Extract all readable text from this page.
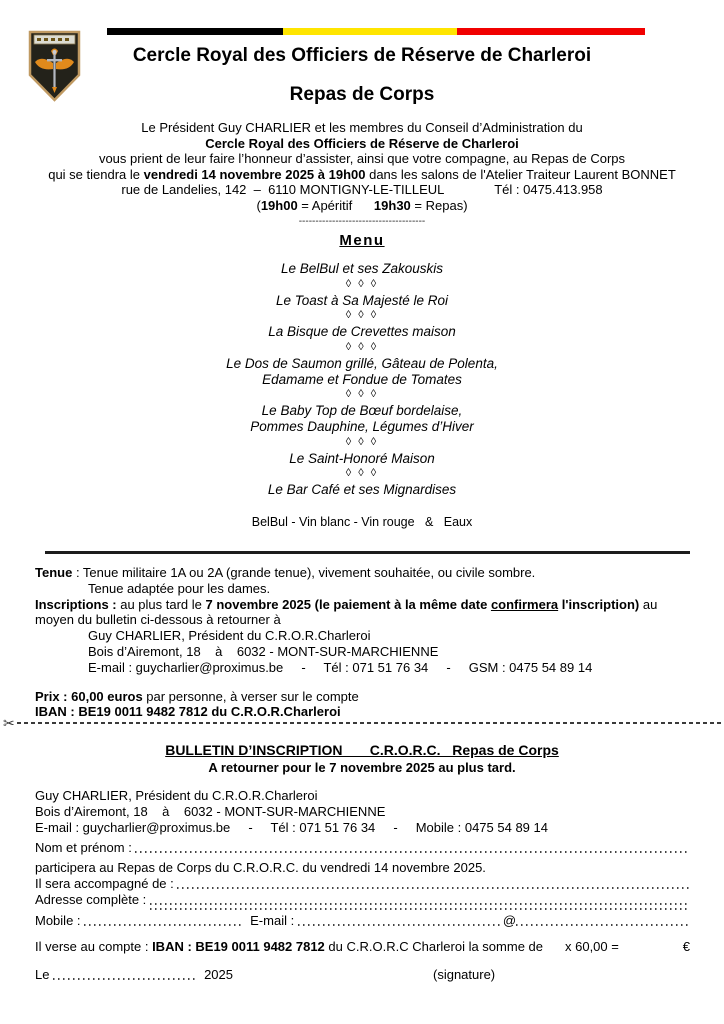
Cercle Royal des Officiers de Réserve de Charleroi
Repas de Corps
Le Président Guy CHARLIER et les membres du Conseil d’Administration du
Cercle Royal des Officiers de Réserve de Charleroi
vous prient de leur faire l’honneur d’assister, ainsi que votre compagne, au Repas de Corps
qui se tiendra le vendredi 14 novembre 2025 à 19h00 dans les salons de l'Atelier Traiteur Laurent BONNET
rue de Landelies, 142  –  6110 MONTIGNY-LE-TILLEUL              Tél : 0475.413.958
(19h00 = Apéritif      19h30 = Repas)
--------------------------------------
Menu
Le BelBul et ses Zakouskis
◊ ◊ ◊
Le Toast à Sa Majesté le Roi
◊ ◊ ◊
La Bisque de Crevettes maison
◊ ◊ ◊
Le Dos de Saumon grillé, Gâteau de Polenta,
Edamame et Fondue de Tomates
◊ ◊ ◊
Le Baby Top de Bœuf bordelaise,
Pommes Dauphine, Légumes d’Hiver
◊ ◊ ◊
Le Saint-Honoré Maison
◊ ◊ ◊
Le Bar Café et ses Mignardises
BelBul - Vin blanc - Vin rouge   &   Eaux
Tenue : Tenue militaire 1A ou 2A (grande tenue), vivement souhaitée, ou civile sombre.
Tenue adaptée pour les dames.
Inscriptions : au plus tard le 7 novembre 2025 (le paiement à la même date confirmera l'inscription) au moyen du bulletin ci-dessous à retourner à
Guy CHARLIER, Président du C.R.O.R.Charleroi
Bois d’Airemont, 18    à    6032 - MONT-SUR-MARCHIENNE
E-mail : guycharlier@proximus.be     -     Tél : 071 51 76 34     -     GSM : 0475 54 89 14
Prix : 60,00 euros par personne, à verser sur le compte
IBAN : BE19 0011 9482 7812 du C.R.O.R.Charleroi
✂
BULLETIN D’INSCRIPTION       C.R.O.R.C.   Repas de Corps
A retourner pour le 7 novembre 2025 au plus tard.
Guy CHARLIER, Président du C.R.O.R.Charleroi
Bois d’Airemont, 18    à    6032 - MONT-SUR-MARCHIENNE
E-mail : guycharlier@proximus.be     -     Tél : 071 51 76 34     -     Mobile : 0475 54 89 14
Nom et prénom :
participera au Repas de Corps du C.R.O.R.C. du vendredi 14 novembre 2025.
Il sera accompagné de :
Adresse complète :
Mobile :	E-mail :	@
Il verse au compte : IBAN : BE19 0011 9482 7812 du C.R.O.R.C Charleroi la somme de x 60,00 =	€
Le	2025	(signature)
